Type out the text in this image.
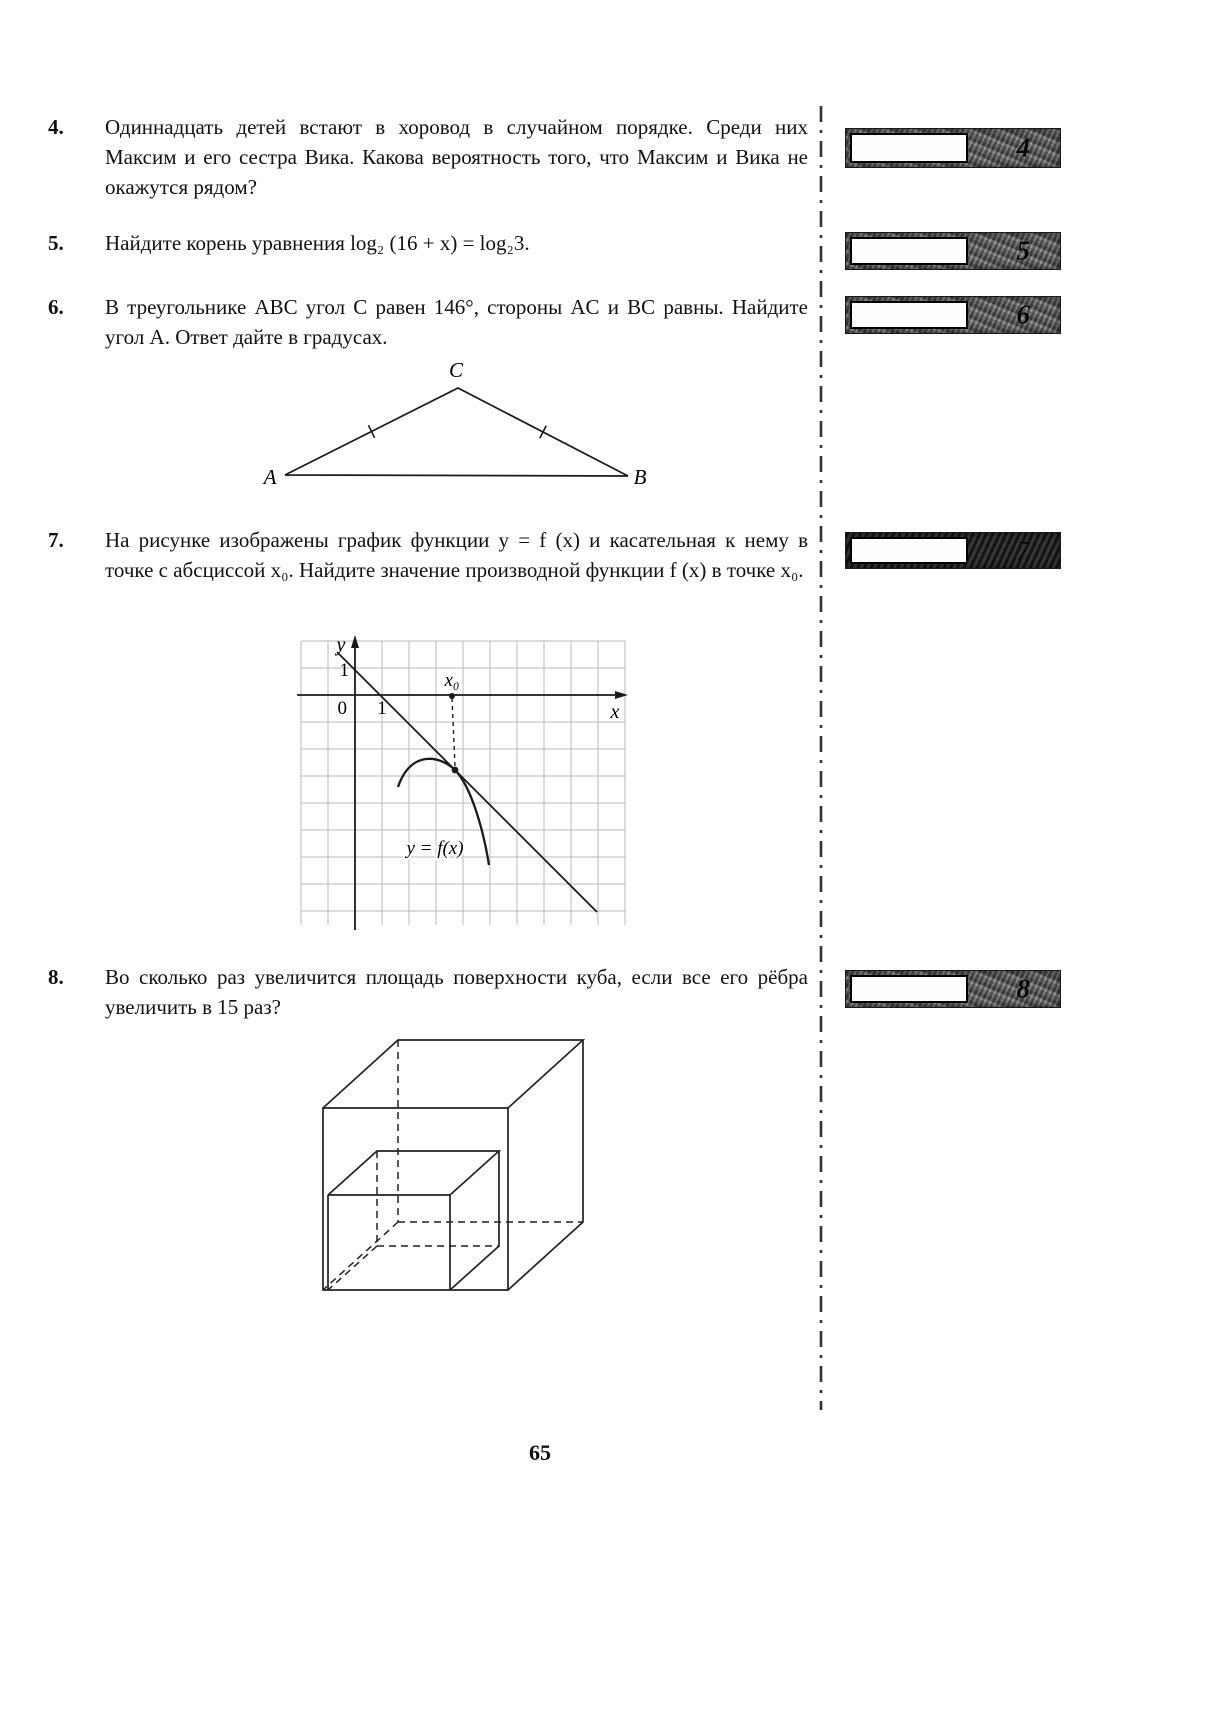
4.	Одиннадцать детей встают в хоровод в случайном порядке. Среди них Максим и его сестра Вика. Какова вероятность того, что Максим и Вика не окажутся рядом?
5.	Найдите корень уравнения log₂ (16 + x) = log₂3.
6.	В треугольнике ABC угол C равен 146°, стороны AC и BC равны. Найдите угол A. Ответ дайте в градусах.
C
A	B
7.	На рисунке изображены график функции y = f (x) и касательная к нему в точке с абсциссой x₀. Найдите значение производной функции f (x) в точке x₀.
y
x
1
0 1
x₀
y = f(x)
8.	Во сколько раз увеличится площадь поверхности куба, если все его рёбра увеличить в 15 раз?
4
5
6
7
8
65
